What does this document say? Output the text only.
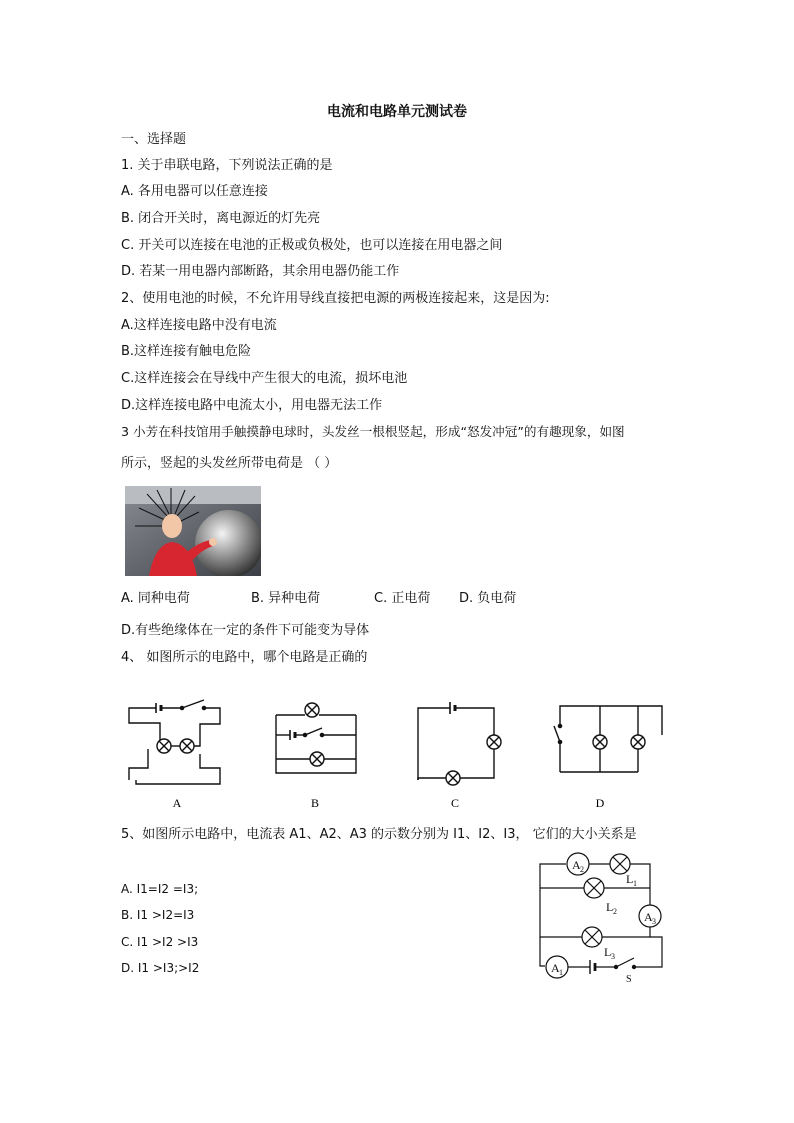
电流和电路单元测试卷
一、选择题
1. 关于串联电路，下列说法正确的是
A. 各用电器可以任意连接
B. 闭合开关时，离电源近的灯先亮
C. 开关可以连接在电池的正极或负极处，也可以连接在用电器之间
D. 若某一用电器内部断路，其余用电器仍能工作
2、使用电池的时候，不允许用导线直接把电源的两极连接起来，这是因为:
A.这样连接电路中没有电流
B.这样连接有触电危险
C.这样连接会在导线中产生很大的电流，损坏电池
D.这样连接电路中电流太小，用电器无法工作
3 小芳在科技馆用手触摸静电球时，头发丝一根根竖起，形成“怒发冲冠”的有趣现象，如图
所示，竖起的头发丝所带电荷是 （ ）
A. 同种电荷	B. 异种电荷	C. 正电荷 D. 负电荷
D.有些绝缘体在一定的条件下可能变为导体
4、 如图所示的电路中，哪个电路是正确的
A	B	C	D
5、如图所示电路中，电流表 A1、A2、A3 的示数分别为 I1、I2、I3， 它们的大小关系是
A. I1=I2 =I3;
B. I1 >I2=I3
C. I1 >I2 >I3
D. I1 >I3;>I2
A 2
L 1
L 2 A 3
L 3
A 1
S
